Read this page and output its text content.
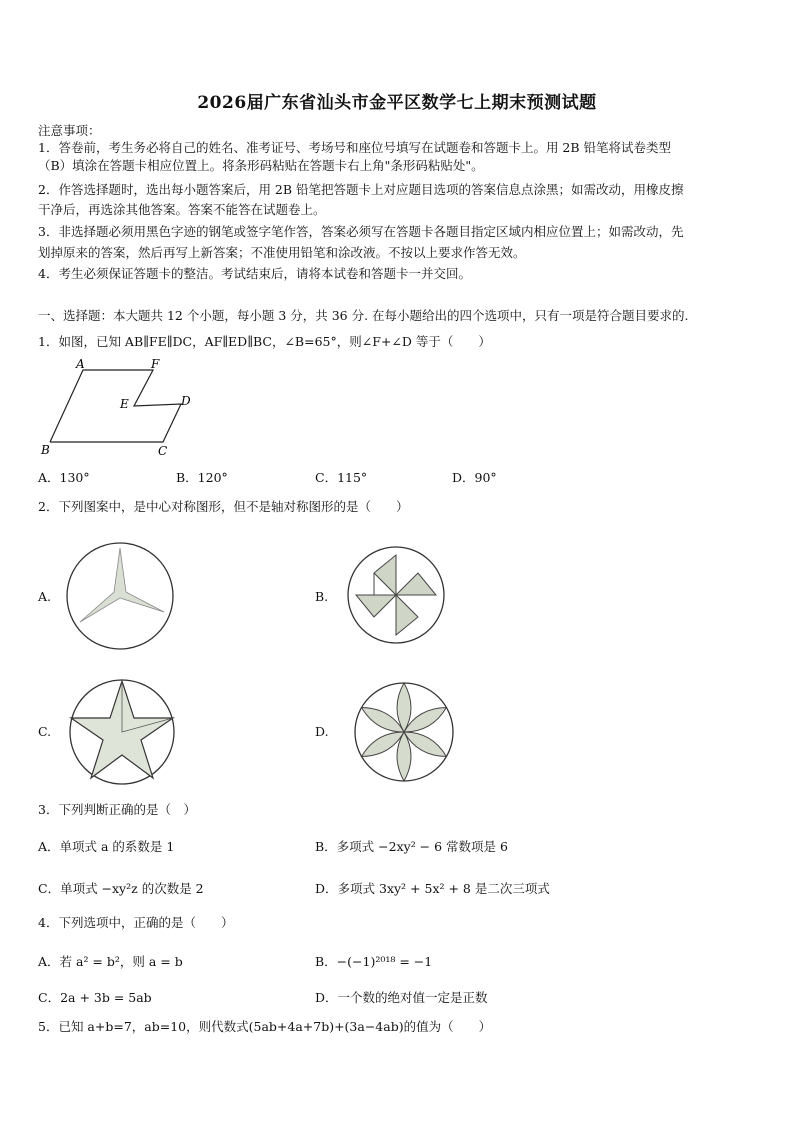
2026届广东省汕头市金平区数学七上期末预测试题
注意事项：
1．答卷前，考生务必将自己的姓名、准考证号、考场号和座位号填写在试题卷和答题卡上。用 2B 铅笔将试卷类型
（B）填涂在答题卡相应位置上。将条形码粘贴在答题卡右上角"条形码粘贴处"。
2．作答选择题时，选出每小题答案后，用 2B 铅笔把答题卡上对应题目选项的答案信息点涂黑；如需改动，用橡皮擦
干净后，再选涂其他答案。答案不能答在试题卷上。
3．非选择题必须用黑色字迹的钢笔或签字笔作答，答案必须写在答题卡各题目指定区域内相应位置上；如需改动，先
划掉原来的答案，然后再写上新答案；不准使用铅笔和涂改液。不按以上要求作答无效。
4．考生必须保证答题卡的整洁。考试结束后，请将本试卷和答题卡一并交回。
一、选择题：本大题共 12 个小题，每小题 3 分，共 36 分. 在每小题给出的四个选项中，只有一项是符合题目要求的.
1．如图，已知 AB∥FE∥DC，AF∥ED∥BC，∠B=65°，则∠F+∠D 等于（　　）
A	F
E	D
B	C
A．130°	B．120°	C．115°	D．90°
2．下列图案中，是中心对称图形，但不是轴对称图形的是（　　）
A.	B.
C.	D.
3．下列判断正确的是（　）
A．单项式 a 的系数是 1	B．多项式 −2xy² − 6 常数项是 6
C．单项式 −xy²z 的次数是 2	D．多项式 3xy² + 5x² + 8 是二次三项式
4．下列选项中，正确的是（　　）
A．若 a² = b²，则 a = b	B．−(−1)²⁰¹⁸ = −1
C．2a + 3b = 5ab	D．一个数的绝对值一定是正数
5．已知 a+b=7，ab=10，则代数式(5ab+4a+7b)+(3a−4ab)的值为（　　）
